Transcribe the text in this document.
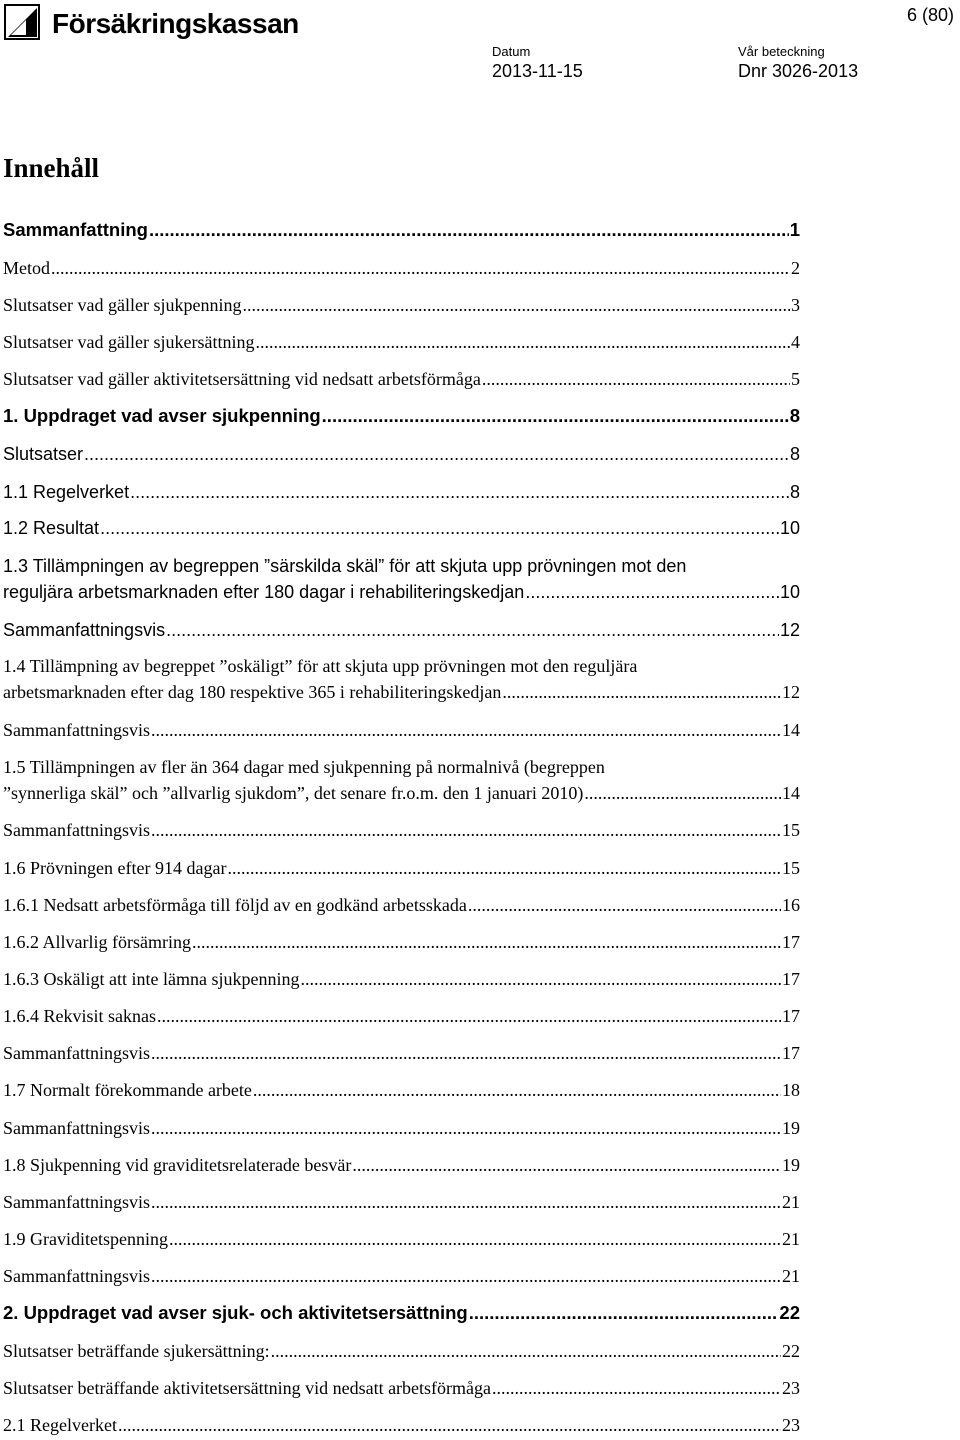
Försäkringskassan	6 (80)
Datum
2013-11-15
Vår beteckning
Dnr 3026-2013
Innehåll
Sammanfattning .....	1
Metod .....	2
Slutsatser vad gäller sjukpenning .....	3
Slutsatser vad gäller sjukersättning .....	4
Slutsatser vad gäller aktivitetsersättning vid nedsatt arbetsförmåga .....	5
1. Uppdraget vad avser sjukpenning .....	8
Slutsatser .....	8
1.1 Regelverket .....	8
1.2 Resultat .....	10
1.3 Tillämpningen av begreppen ”särskilda skäl” för att skjuta upp prövningen mot den
reguljära arbetsmarknaden efter 180 dagar i rehabiliteringskedjan .....	10
Sammanfattningsvis .....	12
1.4 Tillämpning av begreppet ”oskäligt” för att skjuta upp prövningen mot den reguljära
arbetsmarknaden efter dag 180 respektive 365 i rehabiliteringskedjan .....	12
Sammanfattningsvis .....	14
1.5 Tillämpningen av fler än 364 dagar med sjukpenning på normalnivå (begreppen
”synnerliga skäl” och ”allvarlig sjukdom”, det senare fr.o.m. den 1 januari 2010) .....	14
Sammanfattningsvis .....	15
1.6 Prövningen efter 914 dagar .....	15
1.6.1 Nedsatt arbetsförmåga till följd av en godkänd arbetsskada .....	16
1.6.2 Allvarlig försämring .....	17
1.6.3 Oskäligt att inte lämna sjukpenning .....	17
1.6.4 Rekvisit saknas .....	17
Sammanfattningsvis .....	17
1.7 Normalt förekommande arbete .....	18
Sammanfattningsvis .....	19
1.8 Sjukpenning vid graviditetsrelaterade besvär .....	19
Sammanfattningsvis .....	21
1.9 Graviditetspenning .....	21
Sammanfattningsvis .....	21
2. Uppdraget vad avser sjuk- och aktivitetsersättning .....	22
Slutsatser beträffande sjukersättning: .....	22
Slutsatser beträffande aktivitetsersättning vid nedsatt arbetsförmåga .....	23
2.1 Regelverket .....	23
